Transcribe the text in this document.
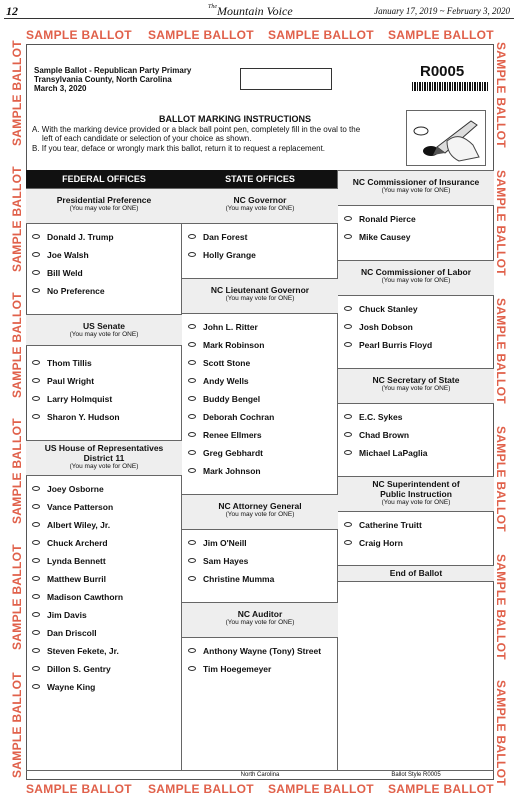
12	$^{The}$Mountain Voice	January 17, 2019 ~ February 3, 2020
SAMPLE BALLOT SAMPLE BALLOT SAMPLE BALLOT SAMPLE BALLOT
SAMPLE BALLOT SAMPLE BALLOT SAMPLE BALLOT SAMPLE BALLOT
SAMPLE BALLOT
SAMPLE BALLOT
SAMPLE BALLOT
SAMPLE BALLOT
SAMPLE BALLOT
SAMPLE BALLOT
SAMPLE BALLOT
SAMPLE BALLOT
SAMPLE BALLOT
SAMPLE BALLOT
SAMPLE BALLOT
SAMPLE BALLOT
Sample Ballot - Republican Party Primary
Transylvania County, North Carolina
March 3, 2020
R0005
BALLOT MARKING INSTRUCTIONS
A. With the marking device provided or a black ball point pen, completely fill in the oval to the
left of each candidate or selection of your choice as shown.
B. If you tear, deface or wrongly mark this ballot, return it to request a replacement.
FEDERAL OFFICES	STATE OFFICES
Presidential Preference
(You may vote for ONE)
Donald J. Trump
Joe Walsh
Bill Weld
No Preference
US Senate
(You may vote for ONE)
Thom Tillis
Paul Wright
Larry Holmquist
Sharon Y. Hudson
US House of Representatives
District 11
(You may vote for ONE)
Joey Osborne
Vance Patterson
Albert Wiley, Jr.
Chuck Archerd
Lynda Bennett
Matthew Burril
Madison Cawthorn
Jim Davis
Dan Driscoll
Steven Fekete, Jr.
Dillon S. Gentry
Wayne King
NC Governor
(You may vote for ONE)
Dan Forest
Holly Grange
NC Lieutenant Governor
(You may vote for ONE)
John L. Ritter
Mark Robinson
Scott Stone
Andy Wells
Buddy Bengel
Deborah Cochran
Renee Ellmers
Greg Gebhardt
Mark Johnson
NC Attorney General
(You may vote for ONE)
Jim O'Neill
Sam Hayes
Christine Mumma
NC Auditor
(You may vote for ONE)
Anthony Wayne (Tony) Street
Tim Hoegemeyer
NC Commissioner of Insurance
(You may vote for ONE)
Ronald Pierce
Mike Causey
NC Commissioner of Labor
(You may vote for ONE)
Chuck Stanley
Josh Dobson
Pearl Burris Floyd
NC Secretary of State
(You may vote for ONE)
E.C. Sykes
Chad Brown
Michael LaPaglia
NC Superintendent of
Public Instruction
(You may vote for ONE)
Catherine Truitt
Craig Horn
End of Ballot
North Carolina	Ballot Style R0005
